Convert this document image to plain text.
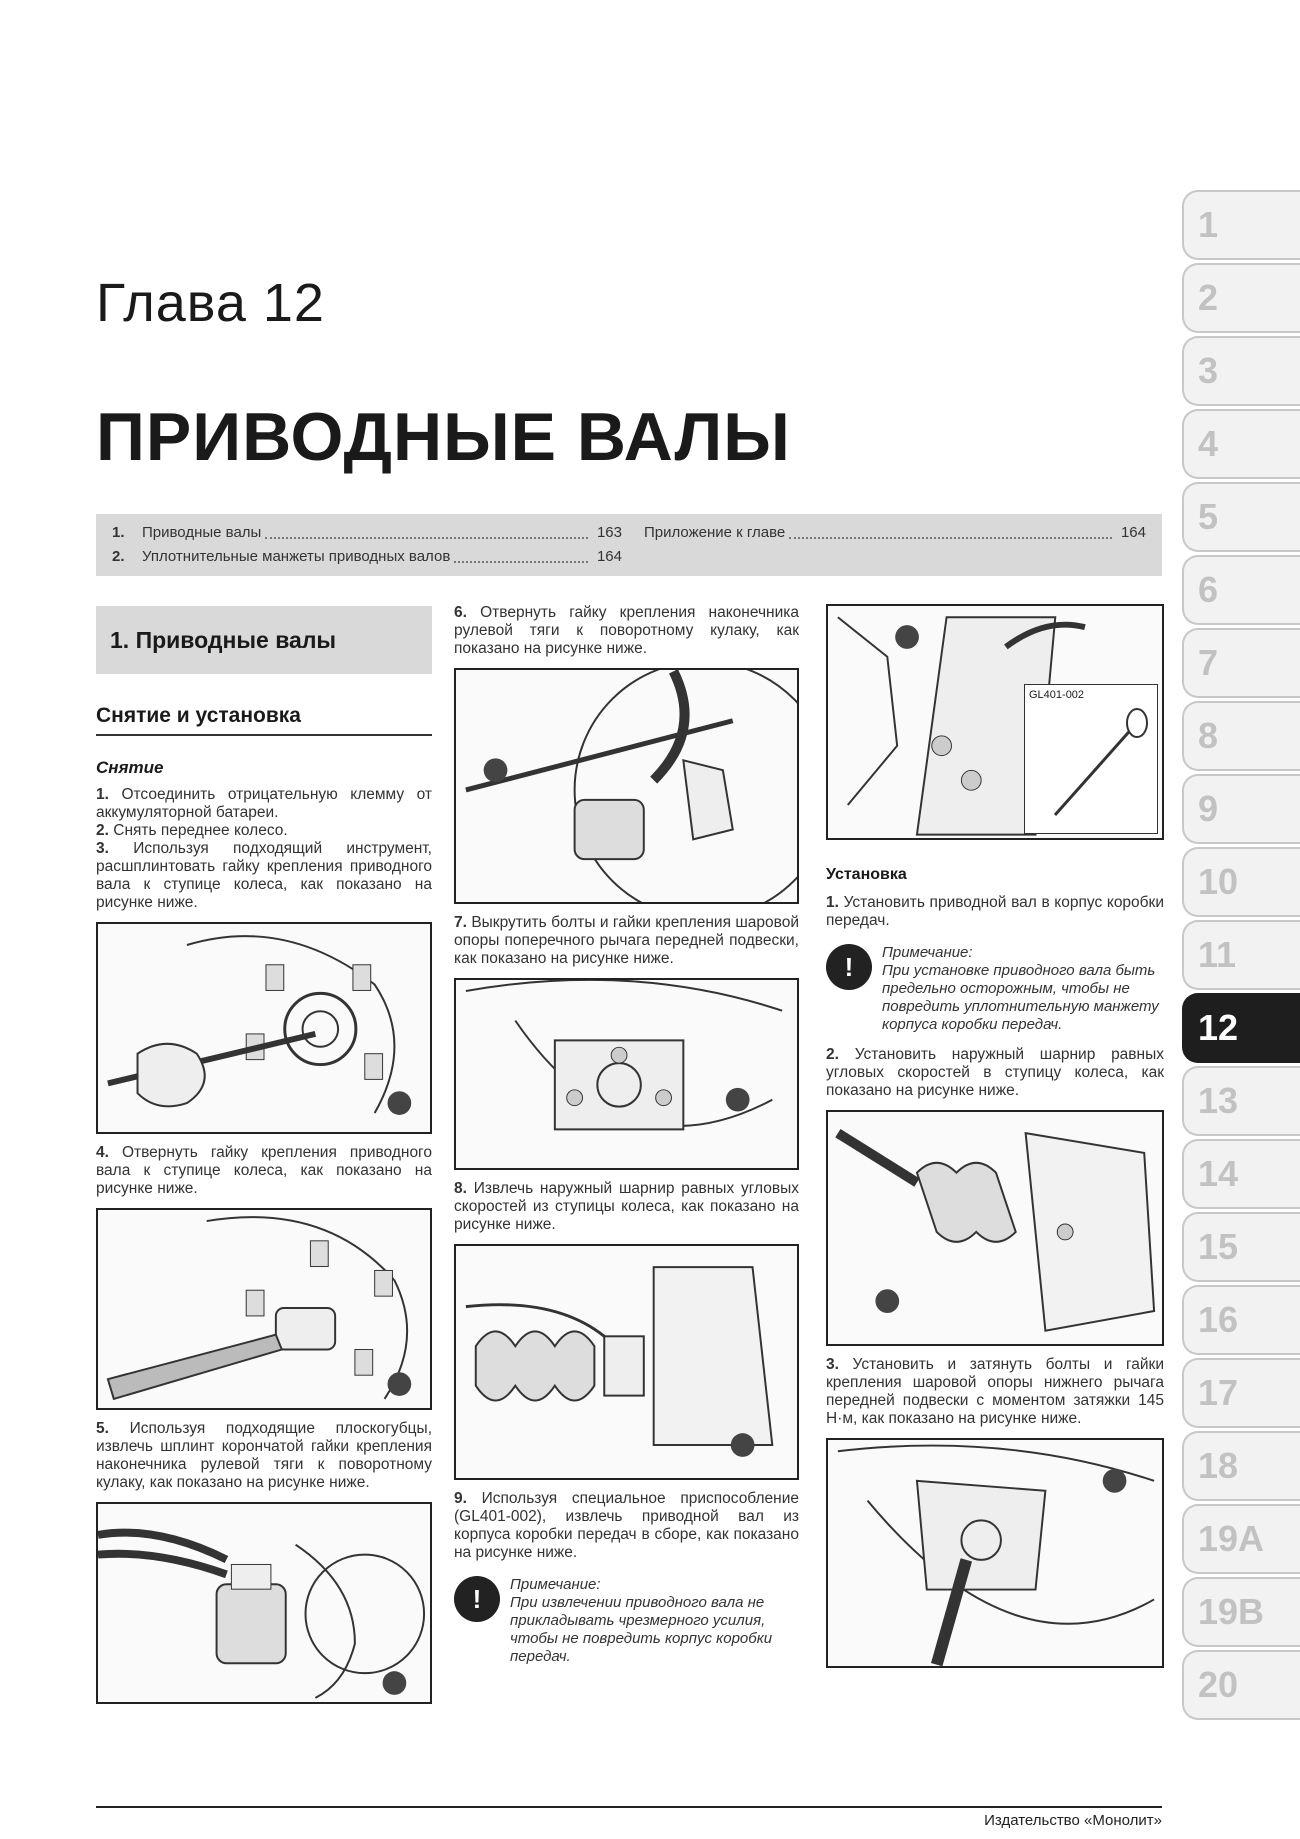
Глава 12
ПРИВОДНЫЕ ВАЛЫ
1.	Приводные валы	163
2.	Уплотнительные манжеты приводных валов	164
Приложение к главе	164
1. Приводные валы
Снятие и установка
Снятие

1. Отсоединить отрицательную клемму от аккумуляторной батареи.

2. Снять переднее колесо.

3. Используя подходящий инструмент, расшплинтовать гайку крепления приводного вала к ступице колеса, как показано на рисунке ниже.

4. Отвернуть гайку крепления приводного вала к ступице колеса, как показано на рисунке ниже.

5. Используя подходящие плоскогубцы, извлечь шплинт корончатой гайки крепления наконечника рулевой тяги к поворотному кулаку, как показано на рисунке ниже.

6. Отвернуть гайку крепления наконечника рулевой тяги к поворотному кулаку, как показано на рисунке ниже.

7. Выкрутить болты и гайки крепления шаровой опоры поперечного рычага передней подвески, как показано на рисунке ниже.

8. Извлечь наружный шарнир равных угловых скоростей из ступицы колеса, как показано на рисунке ниже.

9. Используя специальное приспособление (GL401-002), извлечь приводной вал из корпуса коробки передач в сборе, как показано на рисунке ниже.

!	Примечание:
При извлечении приводного вала не прикладывать чрезмерного усилия, чтобы не повредить корпус коробки передач.
GL401-002
Установка

1. Установить приводной вал в корпус коробки передач.

!	Примечание:
При установке приводного вала быть предельно осторожным, чтобы не повредить уплотнительную манжету корпуса коробки передач.

2. Установить наружный шарнир равных угловых скоростей в ступицу колеса, как показано на рисунке ниже.

3. Установить и затянуть болты и гайки крепления шаровой опоры нижнего рычага передней подвески с моментом затяжки 145 Н·м, как показано на рисунке ниже.

1
2
3
4
5
6
7
8
9
10
11
12
13
14
15
16
17
18
19A
19B
20
Издательство «Монолит»
